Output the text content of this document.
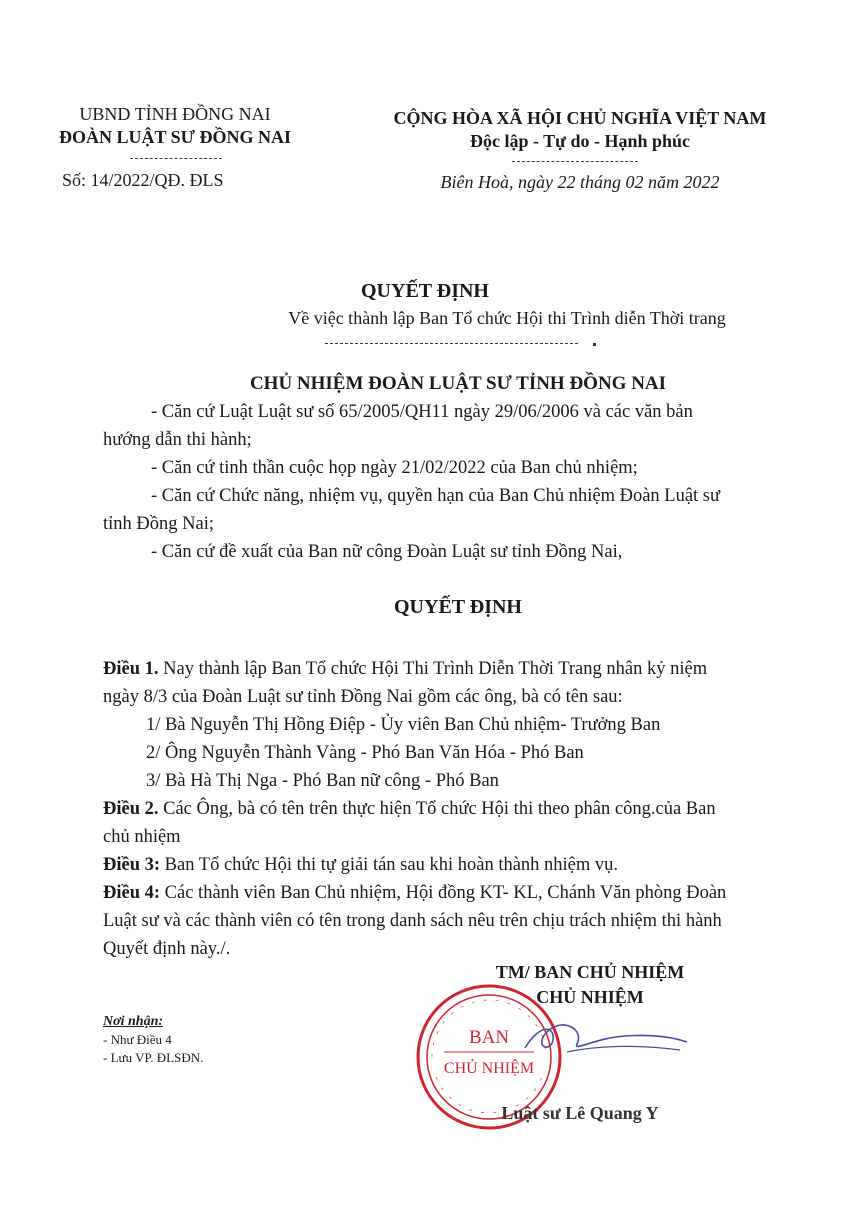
UBND TỈNH ĐỒNG NAI
ĐOÀN LUẬT SƯ ĐỒNG NAI
Số: 14/2022/QĐ. ĐLS
CỘNG HÒA XÃ HỘI CHỦ NGHĨA VIỆT NAM
Độc lập - Tự do - Hạnh phúc
Biên Hoà, ngày 22 tháng 02 năm 2022
QUYẾT ĐỊNH
Về việc thành lập Ban Tổ chức Hội thi Trình diễn Thời trang
CHỦ NHIỆM ĐOÀN LUẬT SƯ TỈNH ĐỒNG NAI
- Căn cứ Luật Luật sư số 65/2005/QH11 ngày 29/06/2006 và các văn bản
hướng dẫn thi hành;
- Căn cứ tinh thần cuộc họp ngày 21/02/2022 của Ban chủ nhiệm;
- Căn cứ Chức năng, nhiệm vụ, quyền hạn của Ban Chủ nhiệm Đoàn Luật sư
tỉnh Đồng Nai;
- Căn cứ đề xuất của Ban nữ công Đoàn Luật sư tỉnh Đồng Nai,
QUYẾT ĐỊNH
Điều 1. Nay thành lập Ban Tổ chức Hội Thi Trình Diễn Thời Trang nhân kỷ niệm
ngày 8/3 của Đoàn Luật sư tỉnh Đồng Nai gồm các ông, bà có tên sau:
1/ Bà Nguyễn Thị Hồng Điệp - Ủy viên Ban Chủ nhiệm- Trưởng Ban
2/ Ông Nguyễn Thành Vàng - Phó Ban Văn Hóa - Phó Ban
3/ Bà Hà Thị Nga - Phó Ban nữ công - Phó Ban
Điều 2. Các Ông, bà có tên trên thực hiện Tổ chức Hội thi theo phân công.của Ban
chủ nhiệm
Điều 3: Ban Tổ chức Hội thi tự giải tán sau khi hoàn thành nhiệm vụ.
Điều 4: Các thành viên Ban Chủ nhiệm, Hội đồng KT- KL, Chánh Văn phòng Đoàn
Luật sư và các thành viên có tên trong danh sách nêu trên chịu trách nhiệm thi hành
Quyết định này./.
TM/ BAN CHỦ NHIỆM
CHỦ NHIỆM
BAN
CHỦ NHIỆM
Luật sư Lê Quang Y
Nơi nhận:
- Như Điều 4
- Lưu VP. ĐLSĐN.
